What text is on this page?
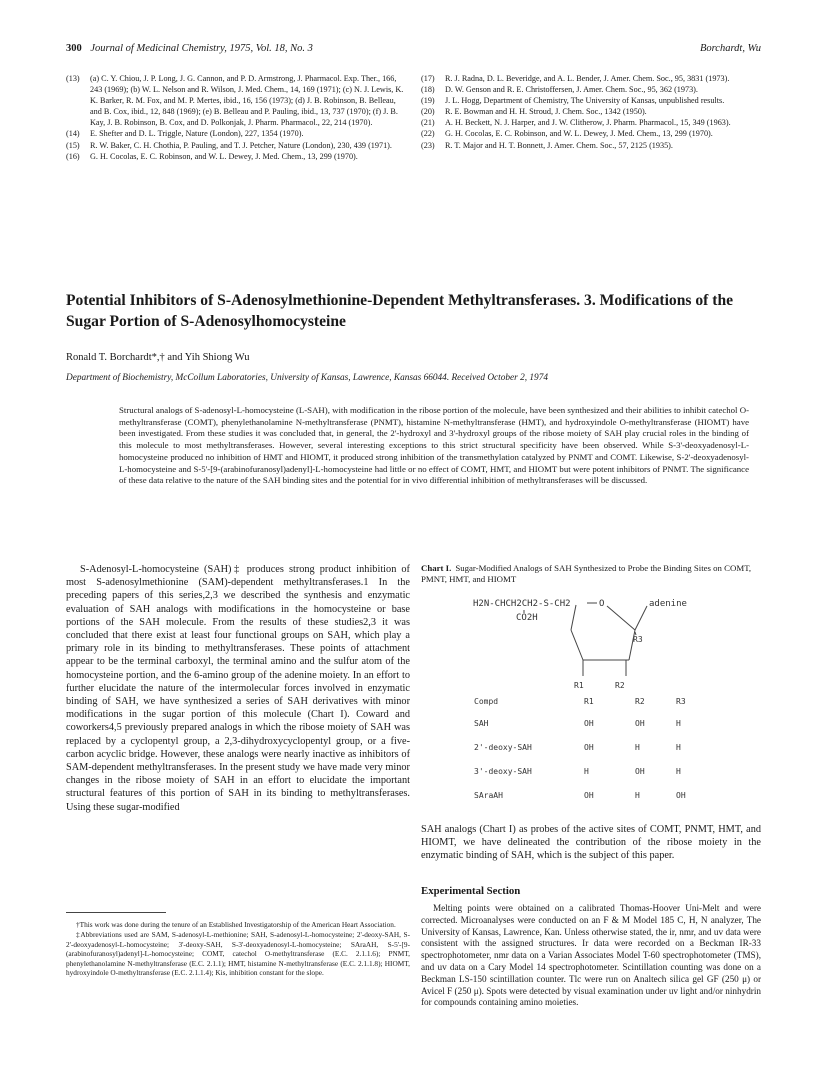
300 Journal of Medicinal Chemistry, 1975, Vol. 18, No. 3	Borchardt, Wu
(13)	(a) C. Y. Chiou, J. P. Long, J. G. Cannon, and P. D. Armstrong, J. Pharmacol. Exp. Ther., 166, 243 (1969); (b) W. L. Nelson and R. Wilson, J. Med. Chem., 14, 169 (1971); (c) N. J. Lewis, K. K. Barker, R. M. Fox, and M. P. Mertes, ibid., 16, 156 (1973); (d) J. B. Robinson, B. Belleau, and B. Cox, ibid., 12, 848 (1969); (e) B. Belleau and P. Pauling, ibid., 13, 737 (1970); (f) J. B. Kay, J. B. Robinson, B. Cox, and D. Polkonjak, J. Pharm. Pharmacol., 22, 214 (1970).
(14)	E. Shefter and D. L. Triggle, Nature (London), 227, 1354 (1970).
(15)	R. W. Baker, C. H. Chothia, P. Pauling, and T. J. Petcher, Nature (London), 230, 439 (1971).
(16)	G. H. Cocolas, E. C. Robinson, and W. L. Dewey, J. Med. Chem., 13, 299 (1970).
(17)	R. J. Radna, D. L. Beveridge, and A. L. Bender, J. Amer. Chem. Soc., 95, 3831 (1973).
(18)	D. W. Genson and R. E. Christoffersen, J. Amer. Chem. Soc., 95, 362 (1973).
(19)	J. L. Hogg, Department of Chemistry, The University of Kansas, unpublished results.
(20)	R. E. Bowman and H. H. Stroud, J. Chem. Soc., 1342 (1950).
(21)	A. H. Beckett, N. J. Harper, and J. W. Clitherow, J. Pharm. Pharmacol., 15, 349 (1963).
(22)	G. H. Cocolas, E. C. Robinson, and W. L. Dewey, J. Med. Chem., 13, 299 (1970).
(23)	R. T. Major and H. T. Bonnett, J. Amer. Chem. Soc., 57, 2125 (1935).
Potential Inhibitors of S-Adenosylmethionine-Dependent Methyltransferases. 3. Modifications of the Sugar Portion of S-Adenosylhomocysteine
Ronald T. Borchardt*,† and Yih Shiong Wu
Department of Biochemistry, McCollum Laboratories, University of Kansas, Lawrence, Kansas 66044. Received October 2, 1974
Structural analogs of S-adenosyl-L-homocysteine (L-SAH), with modification in the ribose portion of the molecule, have been synthesized and their abilities to inhibit catechol O-methyltransferase (COMT), phenylethanolamine N-methyltransferase (PNMT), histamine N-methyltransferase (HMT), and hydroxyindole O-methyltransferase (HIOMT) have been investigated. From these studies it was concluded that, in general, the 2'-hydroxyl and 3'-hydroxyl groups of the ribose moiety of SAH play crucial roles in the binding of this molecule to most methyltransferases. However, several interesting exceptions to this strict structural specificity have been observed. While S-3'-deoxyadenosyl-L-homocysteine produced no inhibition of HMT and HIOMT, it produced strong inhibition of the transmethylation catalyzed by PNMT and COMT. Likewise, S-2'-deoxyadenosyl-L-homocysteine and S-5'-[9-(arabinofuranosyl)adenyl]-L-homocysteine had little or no effect of COMT, HMT, and HIOMT but were potent inhibitors of PNMT. The significance of these data relative to the nature of the SAH binding sites and the potential for in vivo differential inhibition of methyltransferases will be discussed.

S-Adenosyl-L-homocysteine (SAH)‡ produces strong product inhibition of most S-adenosylmethionine (SAM)-dependent methyltransferases.1 In the preceding papers of this series,2,3 we described the synthesis and enzymatic evaluation of SAH analogs with modifications in the homocysteine or base portions of the SAH molecule. From the results of these studies2,3 it was concluded that there exist at least four functional groups on SAH, which play a primary role in its binding to methyltransferases. These points of attachment appear to be the terminal carboxyl, the terminal amino and the sulfur atom of the homocysteine portion, and the 6-amino group of the adenine moiety. In an effort to further elucidate the nature of the intermolecular forces involved in enzymatic binding of SAH, we have synthesized a series of SAH derivatives with minor modifications in the sugar portion of this molecule (Chart I). Coward and coworkers4,5 previously prepared analogs in which the ribose moiety of SAH was replaced by a cyclopentyl group, a 2,3-dihydroxycyclopentyl group, or a five-carbon acyclic bridge. However, these analogs were nearly inactive as inhibitors of SAM-dependent methyltransferases. In the present study we have made very minor changes in the ribose moiety of SAH in an effort to elucidate the important structural features of this portion of SAH in its binding to methyltransferases. Using these sugar-modified

†This work was done during the tenure of an Established Investigatorship of the American Heart Association.

‡Abbreviations used are SAM, S-adenosyl-L-methionine; SAH, S-adenosyl-L-homocysteine; 2'-deoxy-SAH, S-2'-deoxyadenosyl-L-homocysteine; 3'-deoxy-SAH, S-3'-deoxyadenosyl-L-homocysteine; SAraAH, S-5'-[9-(arabinofuranosyl)adenyl]-L-homocysteine; COMT, catechol O-methyltransferase (E.C. 2.1.1.6); PNMT, phenylethanolamine N-methyltransferase (E.C. 2.1.1); HMT, histamine N-methyltransferase (E.C. 2.1.1.8); HIOMT, hydroxyindole O-methyltransferase (E.C. 2.1.1.4); Kis, inhibition constant for the slope.

Chart I. Sugar-Modified Analogs of SAH Synthesized to Probe the Binding Sites on COMT, PMNT, HMT, and HIOMT
H2N-CHCH2CH2-S-CH2
CO2H
O	adenine
R3
R1	R2
Compd	R1	R2	R3
SAH	OH	OH	H
2'-deoxy-SAH	OH	H	H
3'-deoxy-SAH	H	OH	H
SAraAH	OH	H	OH
SAH analogs (Chart I) as probes of the active sites of COMT, PNMT, HMT, and HIOMT, we have delineated the contribution of the ribose moiety in the enzymatic binding of SAH, which is the subject of this paper.
Experimental Section

Melting points were obtained on a calibrated Thomas-Hoover Uni-Melt and were corrected. Microanalyses were conducted on an F & M Model 185 C, H, N analyzer, The University of Kansas, Lawrence, Kan. Unless otherwise stated, the ir, nmr, and uv data were consistent with the assigned structures. Ir data were recorded on a Beckman IR-33 spectrophotometer, nmr data on a Varian Associates Model T-60 spectrophotometer (TMS), and uv data on a Cary Model 14 spectrophotometer. Scintillation counting was done on a Beckman LS-150 scintillation counter. Tlc were run on Analtech silica gel GF (250 μ) or Avicel F (250 μ). Spots were detected by visual examination under uv light and/or ninhydrin for compounds containing amino moieties.
